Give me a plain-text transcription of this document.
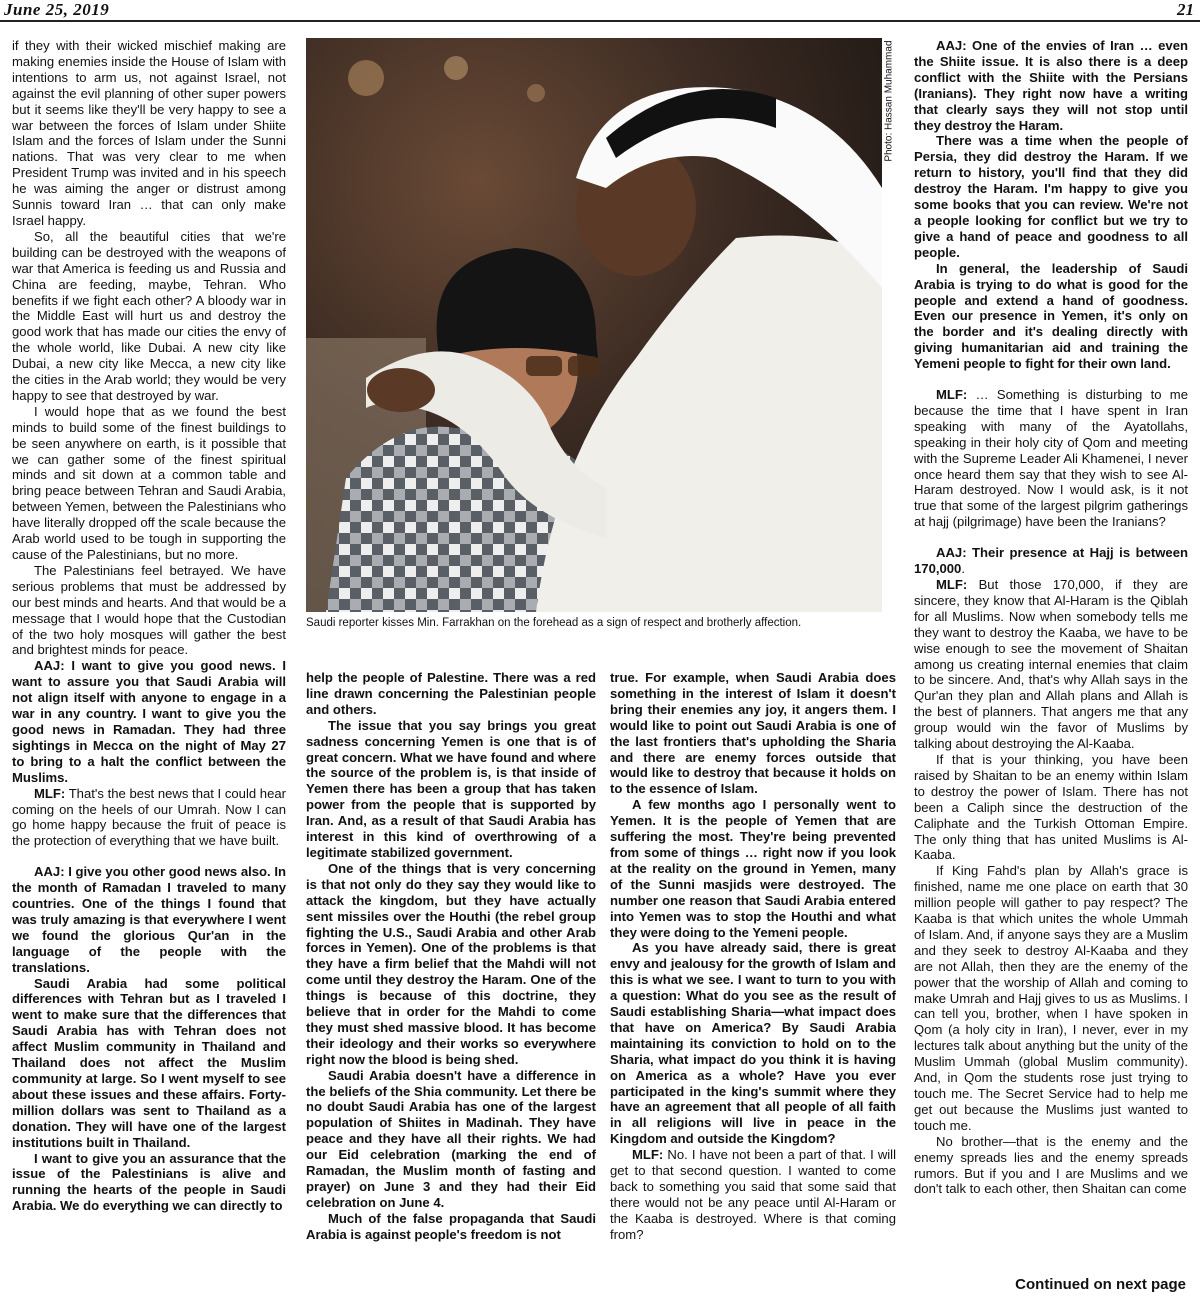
June 25, 2019	21

if they with their wicked mischief making are making enemies inside the House of Islam with intentions to arm us, not against Israel, not against the evil planning of other super powers but it seems like they'll be very happy to see a war between the forces of Islam under Shiite Islam and the forces of Islam under the Sunni nations. That was very clear to me when President Trump was invited and in his speech he was aiming the anger or distrust among Sunnis toward Iran … that can only make Israel happy.

So, all the beautiful cities that we're building can be destroyed with the weapons of war that America is feeding us and Russia and China are feeding, maybe, Tehran. Who benefits if we fight each other? A bloody war in the Middle East will hurt us and destroy the good work that has made our cities the envy of the whole world, like Dubai. A new city like Dubai, a new city like Mecca, a new city like the cities in the Arab world; they would be very happy to see that destroyed by war.

I would hope that as we found the best minds to build some of the finest buildings to be seen anywhere on earth, is it possible that we can gather some of the finest spiritual minds and sit down at a common table and bring peace between Tehran and Saudi Arabia, between Yemen, between the Palestinians who have literally dropped off the scale because the Arab world used to be tough in supporting the cause of the Palestinians, but no more.

The Palestinians feel betrayed. We have serious problems that must be addressed by our best minds and hearts. And that would be a message that I would hope that the Custodian of the two holy mosques will gather the best and brightest minds for peace.

AAJ: I want to give you good news. I want to assure you that Saudi Arabia will not align itself with anyone to engage in a war in any country. I want to give you the good news in Ramadan. They had three sightings in Mecca on the night of May 27 to bring to a halt the conflict between the Muslims.

MLF: That's the best news that I could hear coming on the heels of our Umrah. Now I can go home happy because the fruit of peace is the protection of everything that we have built.

AAJ: I give you other good news also. In the month of Ramadan I traveled to many countries. One of the things I found that was truly amazing is that everywhere I went we found the glorious Qur'an in the language of the people with the translations.

Saudi Arabia had some political differences with Tehran but as I traveled I went to make sure that the differences that Saudi Arabia has with Tehran does not affect Muslim community in Thailand and Thailand does not affect the Muslim community at large. So I went myself to see about these issues and these affairs. Forty-million dollars was sent to Thailand as a donation. They will have one of the largest institutions built in Thailand.

I want to give you an assurance that the issue of the Palestinians is alive and running the hearts of the people in Saudi Arabia. We do everything we can directly to

Photo: Hassan Muhammad
Saudi reporter kisses Min. Farrakhan on the forehead as a sign of respect and brotherly affection.

help the people of Palestine. There was a red line drawn concerning the Palestinian people and others.

The issue that you say brings you great sadness concerning Yemen is one that is of great concern. What we have found and where the source of the problem is, is that inside of Yemen there has been a group that has taken power from the people that is supported by Iran. And, as a result of that Saudi Arabia has interest in this kind of overthrowing of a legitimate stabilized government.

One of the things that is very concerning is that not only do they say they would like to attack the kingdom, but they have actually sent missiles over the Houthi (the rebel group fighting the U.S., Saudi Arabia and other Arab forces in Yemen). One of the problems is that they have a firm belief that the Mahdi will not come until they destroy the Haram. One of the things is because of this doctrine, they believe that in order for the Mahdi to come they must shed massive blood. It has become their ideology and their works so everywhere right now the blood is being shed.

Saudi Arabia doesn't have a difference in the beliefs of the Shia community. Let there be no doubt Saudi Arabia has one of the largest population of Shiites in Madinah. They have peace and they have all their rights. We had our Eid celebration (marking the end of Ramadan, the Muslim month of fasting and prayer) on June 3 and they had their Eid celebration on June 4.

Much of the false propaganda that Saudi Arabia is against people's freedom is not

true. For example, when Saudi Arabia does something in the interest of Islam it doesn't bring their enemies any joy, it angers them. I would like to point out Saudi Arabia is one of the last frontiers that's upholding the Sharia and there are enemy forces outside that would like to destroy that because it holds on to the essence of Islam.

A few months ago I personally went to Yemen. It is the people of Yemen that are suffering the most. They're being prevented from some of things … right now if you look at the reality on the ground in Yemen, many of the Sunni masjids were destroyed. The number one reason that Saudi Arabia entered into Yemen was to stop the Houthi and what they were doing to the Yemeni people.

As you have already said, there is great envy and jealousy for the growth of Islam and this is what we see. I want to turn to you with a question: What do you see as the result of Saudi establishing Sharia—what impact does that have on America? By Saudi Arabia maintaining its conviction to hold on to the Sharia, what impact do you think it is having on America as a whole? Have you ever participated in the king's summit where they have an agreement that all people of all faith in all religions will live in peace in the Kingdom and outside the Kingdom?

MLF: No. I have not been a part of that. I will get to that second question. I wanted to come back to something you said that some said that there would not be any peace until Al-Haram or the Kaaba is destroyed. Where is that coming from?

AAJ: One of the envies of Iran … even the Shiite issue. It is also there is a deep conflict with the Shiite with the Persians (Iranians). They right now have a writing that clearly says they will not stop until they destroy the Haram.

There was a time when the people of Persia, they did destroy the Haram. If we return to history, you'll find that they did destroy the Haram. I'm happy to give you some books that you can review. We're not a people looking for conflict but we try to give a hand of peace and goodness to all people.

In general, the leadership of Saudi Arabia is trying to do what is good for the people and extend a hand of goodness. Even our presence in Yemen, it's only on the border and it's dealing directly with giving humanitarian aid and training the Yemeni people to fight for their own land.

MLF: … Something is disturbing to me because the time that I have spent in Iran speaking with many of the Ayatollahs, speaking in their holy city of Qom and meeting with the Supreme Leader Ali Khamenei, I never once heard them say that they wish to see Al-Haram destroyed. Now I would ask, is it not true that some of the largest pilgrim gatherings at hajj (pilgrimage) have been the Iranians?

AAJ: Their presence at Hajj is between 170,000.

MLF: But those 170,000, if they are sincere, they know that Al-Haram is the Qiblah for all Muslims. Now when somebody tells me they want to destroy the Kaaba, we have to be wise enough to see the movement of Shaitan among us creating internal enemies that claim to be sincere. And, that's why Allah says in the Qur'an they plan and Allah plans and Allah is the best of planners. That angers me that any group would win the favor of Muslims by talking about destroying the Al-Kaaba.

If that is your thinking, you have been raised by Shaitan to be an enemy within Islam to destroy the power of Islam. There has not been a Caliph since the destruction of the Caliphate and the Turkish Ottoman Empire. The only thing that has united Muslims is Al-Kaaba.

If King Fahd's plan by Allah's grace is finished, name me one place on earth that 30 million people will gather to pay respect? The Kaaba is that which unites the whole Ummah of Islam. And, if anyone says they are a Muslim and they seek to destroy Al-Kaaba and they are not Allah, then they are the enemy of the power that the worship of Allah and coming to make Umrah and Hajj gives to us as Muslims. I can tell you, brother, when I have spoken in Qom (a holy city in Iran), I never, ever in my lectures talk about anything but the unity of the Muslim Ummah (global Muslim community). And, in Qom the students rose just trying to touch me. The Secret Service had to help me get out because the Muslims just wanted to touch me.

No brother—that is the enemy and the enemy spreads lies and the enemy spreads rumors. But if you and I are Muslims and we don't talk to each other, then Shaitan can come

Continued on next page
